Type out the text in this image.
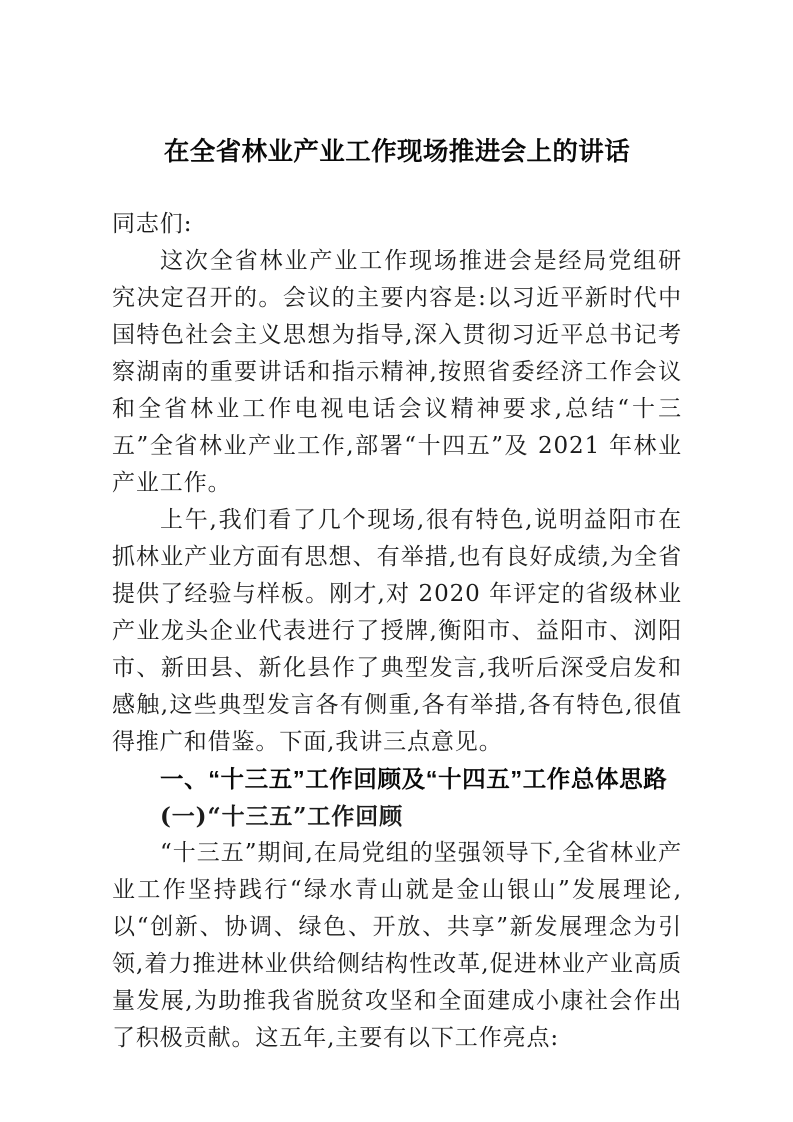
在全省林业产业工作现场推进会上的讲话

同志们:

这次全省林业产业工作现场推进会是经局党组研究决定召开的。会议的主要内容是:以习近平新时代中国特色社会主义思想为指导,深入贯彻习近平总书记考察湖南的重要讲话和指示精神,按照省委经济工作会议和全省林业工作电视电话会议精神要求,总结“十三五”全省林业产业工作,部署“十四五”及 2021 年林业产业工作。

上午,我们看了几个现场,很有特色,说明益阳市在抓林业产业方面有思想、有举措,也有良好成绩,为全省提供了经验与样板。刚才,对 2020 年评定的省级林业产业龙头企业代表进行了授牌,衡阳市、益阳市、浏阳市、新田县、新化县作了典型发言,我听后深受启发和感触,这些典型发言各有侧重,各有举措,各有特色,很值得推广和借鉴。下面,我讲三点意见。

一、“十三五”工作回顾及“十四五”工作总体思路
(一)“十三五”工作回顾

“十三五”期间,在局党组的坚强领导下,全省林业产业工作坚持践行“绿水青山就是金山银山”发展理论,以“创新、协调、绿色、开放、共享”新发展理念为引领,着力推进林业供给侧结构性改革,促进林业产业高质量发展,为助推我省脱贫攻坚和全面建成小康社会作出了积极贡献。这五年,主要有以下工作亮点:
